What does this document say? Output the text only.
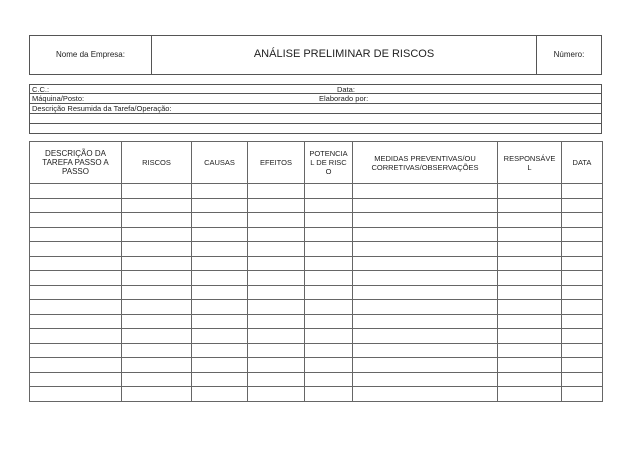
Nome da Empresa:	ANÁLISE PRELIMINAR DE RISCOS	Número:
C.C.:	Data:
Máquina/Posto:	Elaborado por:
Descrição Resumida da Tarefa/Operação:
DESCRIÇÃO DA TAREFA PASSO A PASSO	RISCOS	CAUSAS	EFEITOS	POTENCIAL DE RISCO	MEDIDAS PREVENTIVAS/OU CORRETIVAS/OBSERVAÇÕES	RESPONSÁVEL	DATA
